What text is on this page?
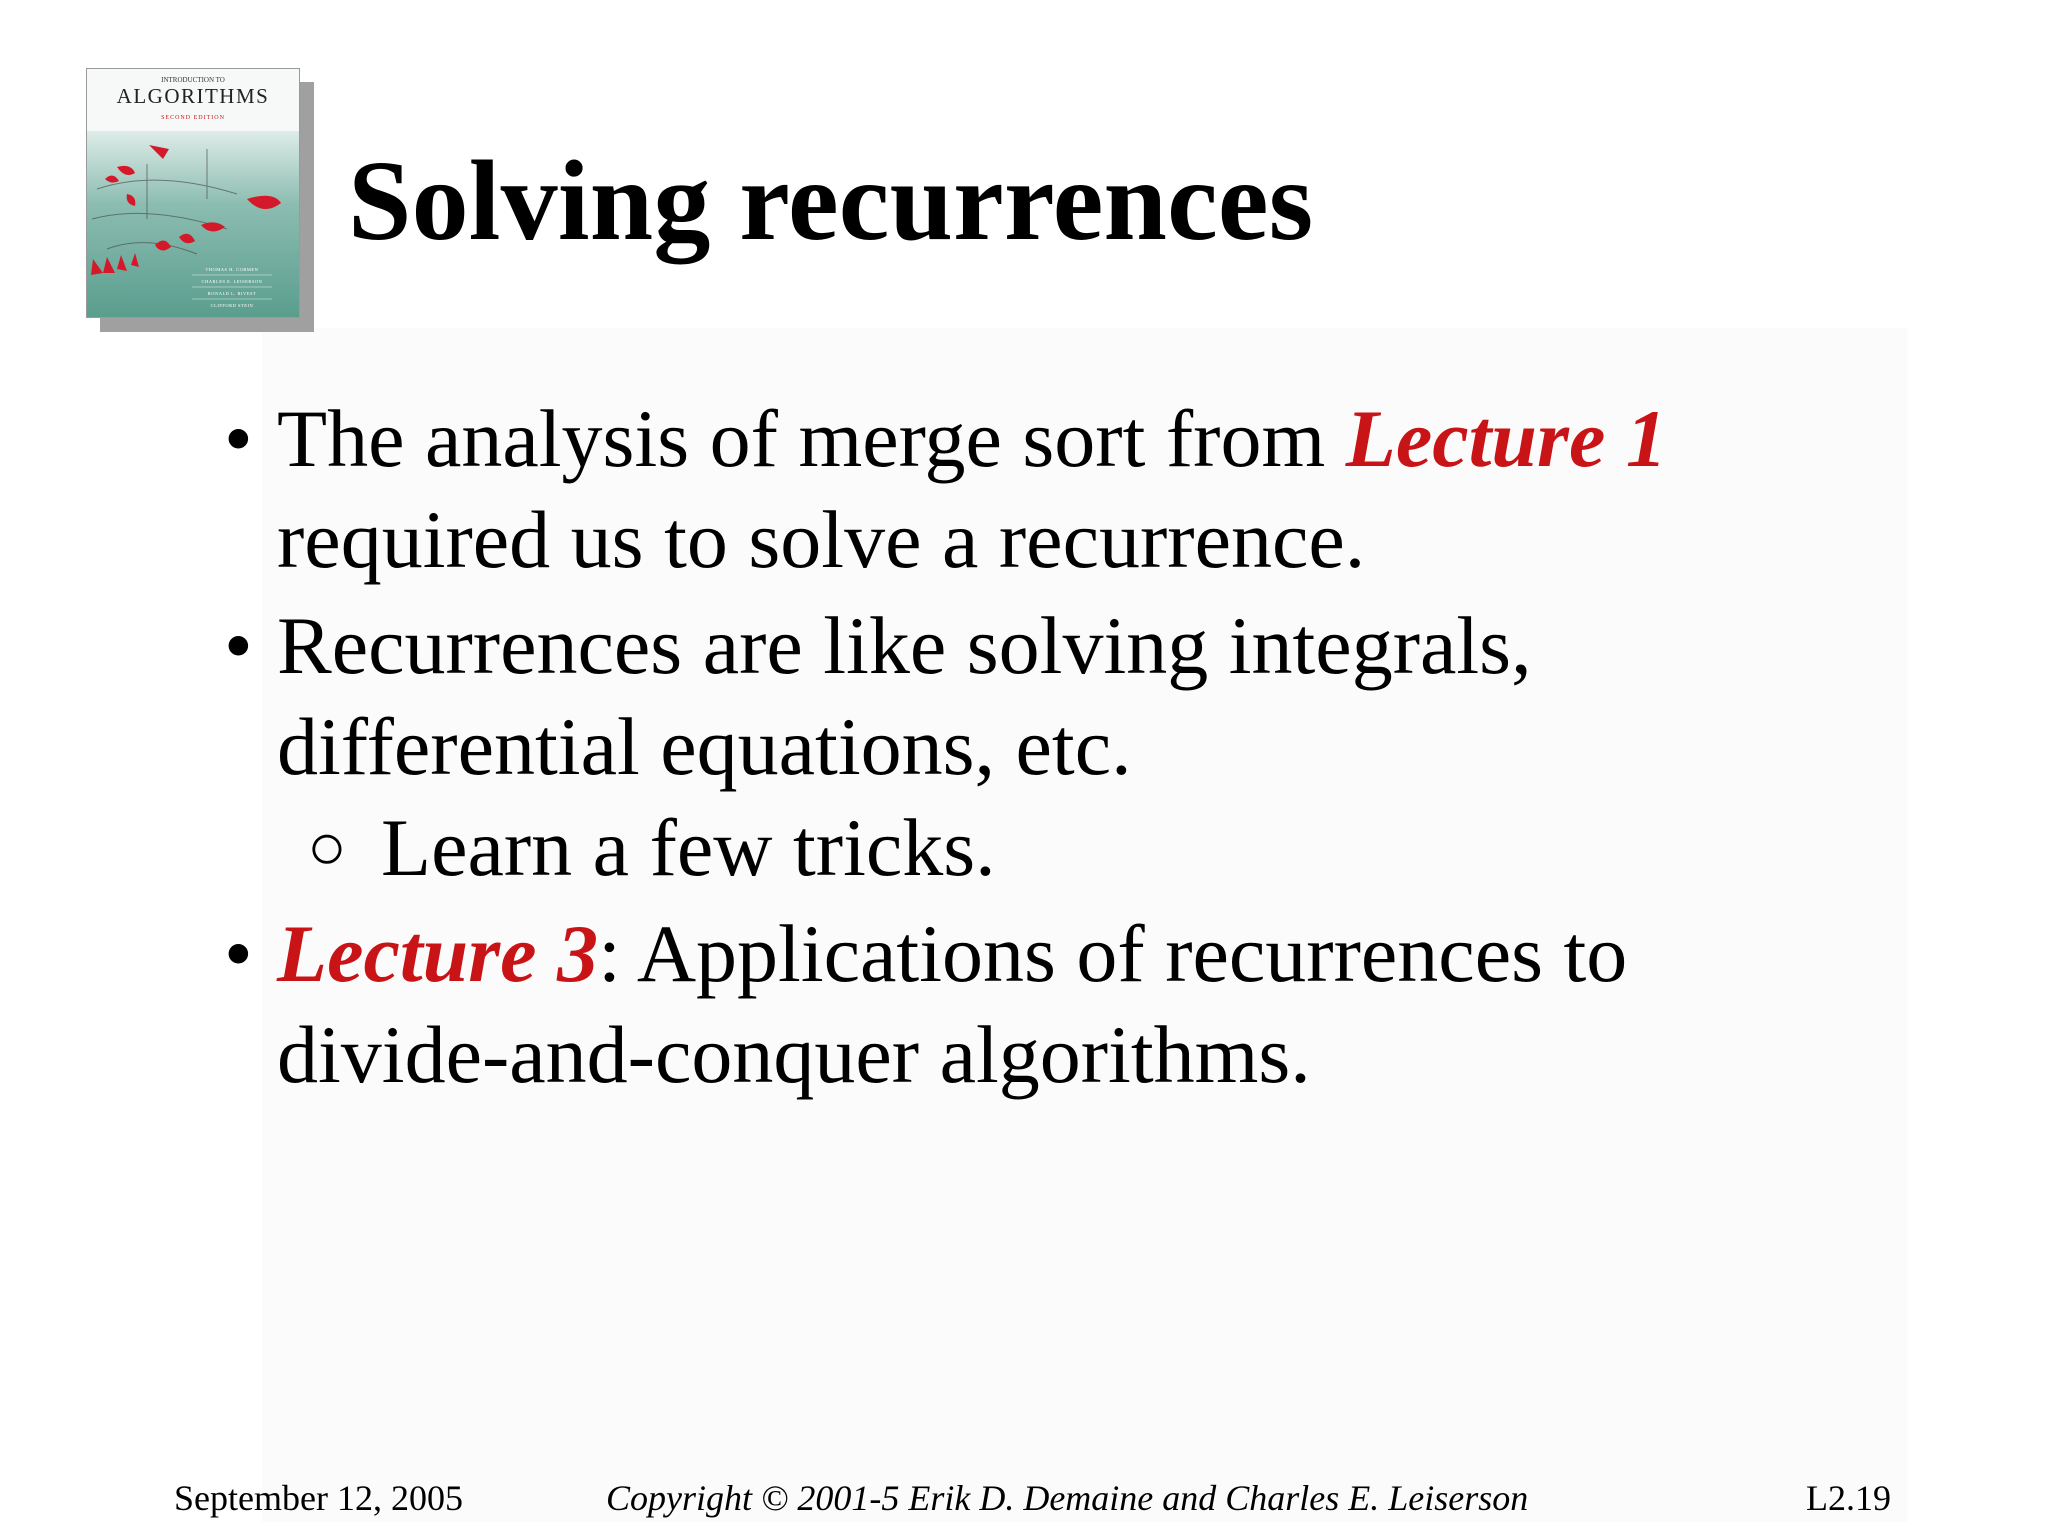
INTRODUCTION TO
ALGORITHMS
SECOND EDITION
THOMAS H. CORMEN
CHARLES E. LEISERSON
RONALD L. RIVEST
CLIFFORD STEIN
Solving recurrences
• The analysis of merge sort from Lecture 1
required us to solve a recurrence.
• Recurrences are like solving integrals, differential equations, etc.
○ Learn a few tricks.
• Lecture 3: Applications of recurrences to divide-and-conquer algorithms.
September 12, 2005	Copyright © 2001-5 Erik D. Demaine and Charles E. Leiserson	L2.19
